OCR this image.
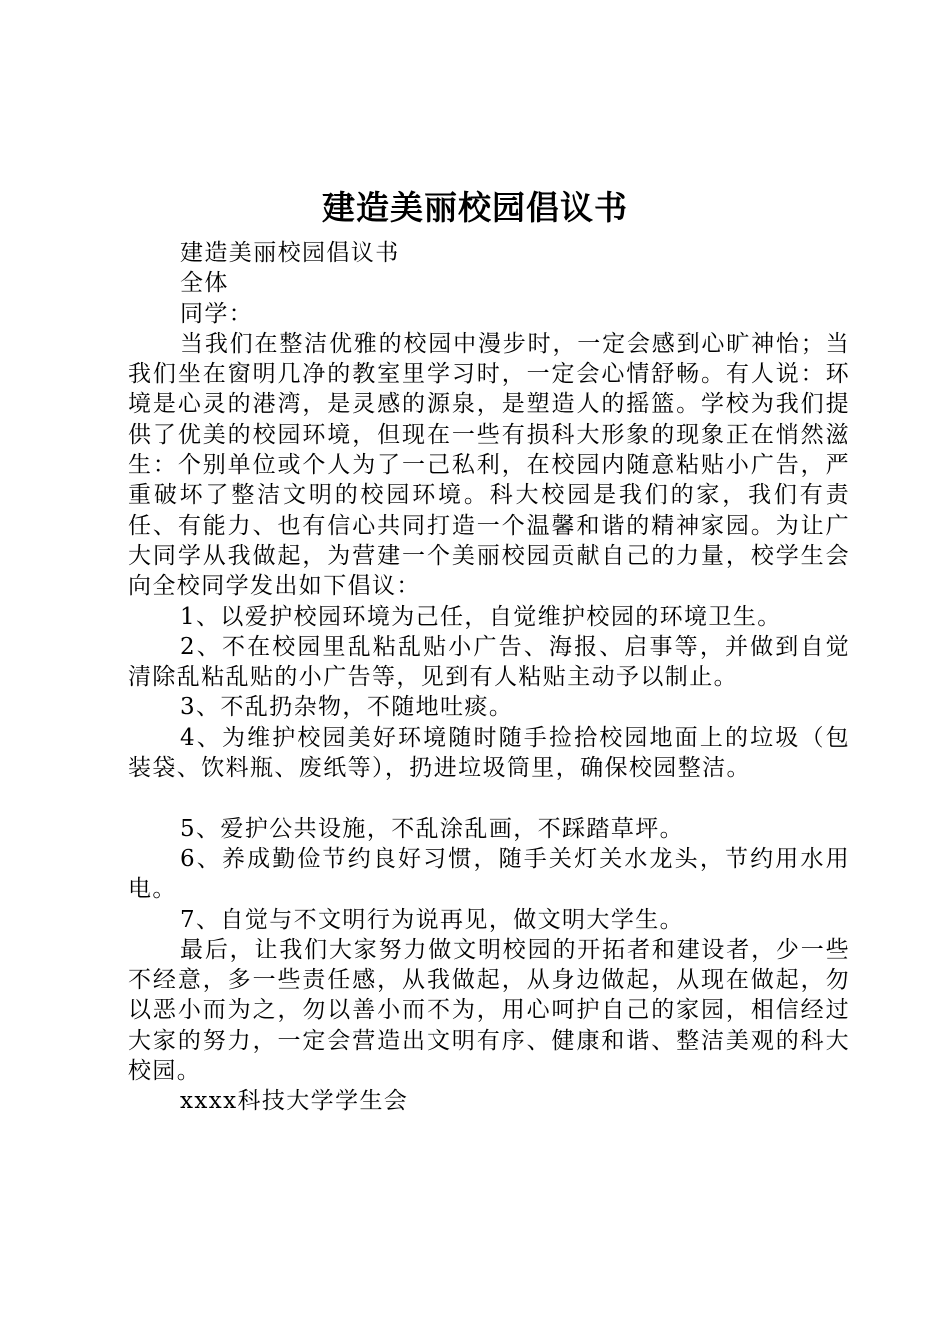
建造美丽校园倡议书

建造美丽校园倡议书

全体

同学：

当我们在整洁优雅的校园中漫步时，一定会感到心旷神怡；当我们坐在窗明几净的教室里学习时，一定会心情舒畅。有人说：环境是心灵的港湾，是灵感的源泉，是塑造人的摇篮。学校为我们提供了优美的校园环境，但现在一些有损科大形象的现象正在悄然滋生：个别单位或个人为了一己私利，在校园内随意粘贴小广告，严重破坏了整洁文明的校园环境。科大校园是我们的家，我们有责任、有能力、也有信心共同打造一个温馨和谐的精神家园。为让广大同学从我做起，为营建一个美丽校园贡献自己的力量，校学生会向全校同学发出如下倡议：

1、以爱护校园环境为己任，自觉维护校园的环境卫生。

2、不在校园里乱粘乱贴小广告、海报、启事等，并做到自觉清除乱粘乱贴的小广告等，见到有人粘贴主动予以制止。

3、不乱扔杂物，不随地吐痰。

4、为维护校园美好环境随时随手捡拾校园地面上的垃圾（包装袋、饮料瓶、废纸等），扔进垃圾筒里，确保校园整洁。

5、爱护公共设施，不乱涂乱画，不踩踏草坪。

6、养成勤俭节约良好习惯，随手关灯关水龙头，节约用水用电。

7、自觉与不文明行为说再见，做文明大学生。

最后，让我们大家努力做文明校园的开拓者和建设者，少一些不经意，多一些责任感，从我做起，从身边做起，从现在做起，勿以恶小而为之，勿以善小而不为，用心呵护自己的家园，相信经过大家的努力，一定会营造出文明有序、健康和谐、整洁美观的科大校园。

xxxx科技大学学生会
